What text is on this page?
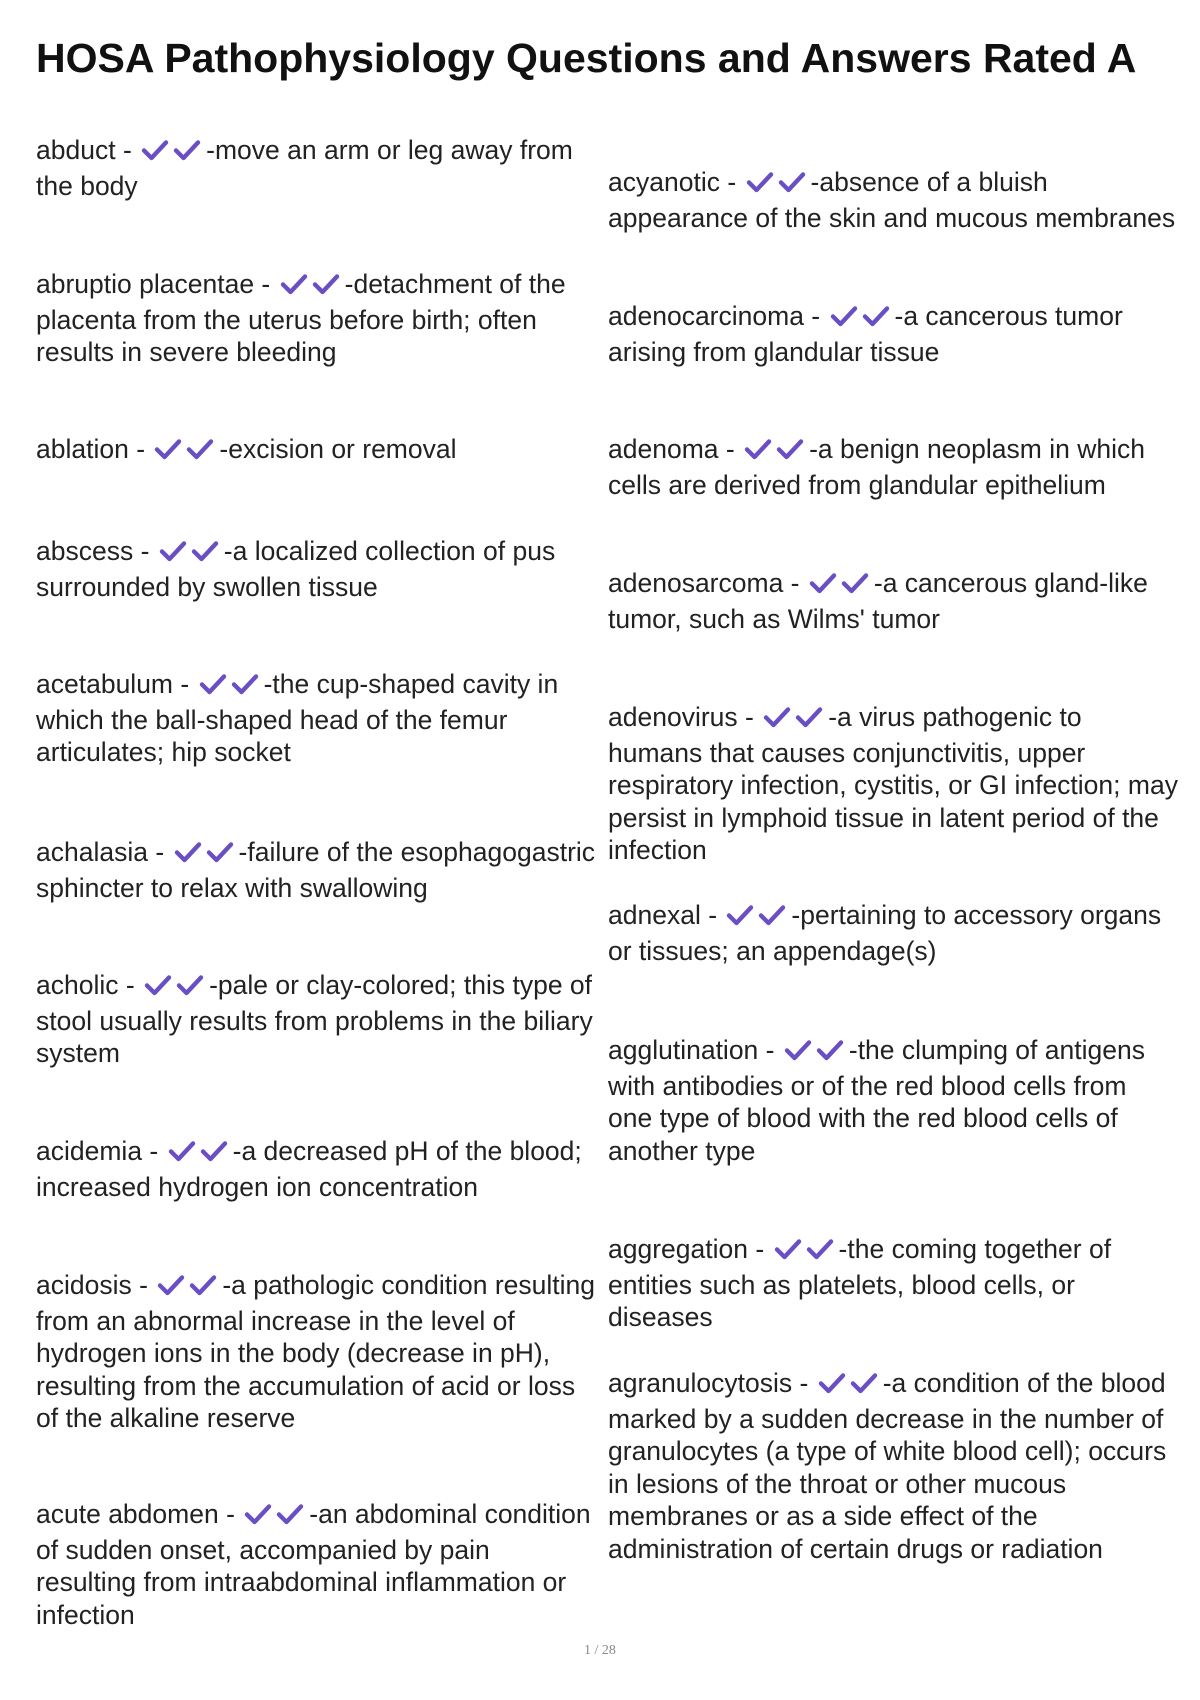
HOSA Pathophysiology Questions and Answers Rated A
abduct -	-move an arm or leg away from the body
abruptio placentae -	-detachment of the placenta from the uterus before birth; often results in severe bleeding
ablation -	-excision or removal
abscess -	-a localized collection of pus surrounded by swollen tissue
acetabulum -	-the cup-shaped cavity in which the ball-shaped head of the femur articulates; hip socket
achalasia -	-failure of the esophagogastric sphincter to relax with swallowing
acholic -	-pale or clay-colored; this type of stool usually results from problems in the biliary system
acidemia -	-a decreased pH of the blood; increased hydrogen ion concentration
acidosis -	-a pathologic condition resulting from an abnormal increase in the level of hydrogen ions in the body (decrease in pH), resulting from the accumulation of acid or loss of the alkaline reserve
acute abdomen -	-an abdominal condition of sudden onset, accompanied by pain resulting from intraabdominal inflammation or infection
acyanotic -	-absence of a bluish appearance of the skin and mucous membranes
adenocarcinoma -	-a cancerous tumor arising from glandular tissue
adenoma -	-a benign neoplasm in which cells are derived from glandular epithelium
adenosarcoma -	-a cancerous gland-like tumor, such as Wilms' tumor
adenovirus -	-a virus pathogenic to humans that causes conjunctivitis, upper respiratory infection, cystitis, or GI infection; may persist in lymphoid tissue in latent period of the infection
adnexal -	-pertaining to accessory organs or tissues; an appendage(s)
agglutination -	-the clumping of antigens with antibodies or of the red blood cells from one type of blood with the red blood cells of another type
aggregation -	-the coming together of entities such as platelets, blood cells, or diseases
agranulocytosis -	-a condition of the blood marked by a sudden decrease in the number of granulocytes (a type of white blood cell); occurs in lesions of the throat or other mucous membranes or as a side effect of the administration of certain drugs or radiation
1 / 28
